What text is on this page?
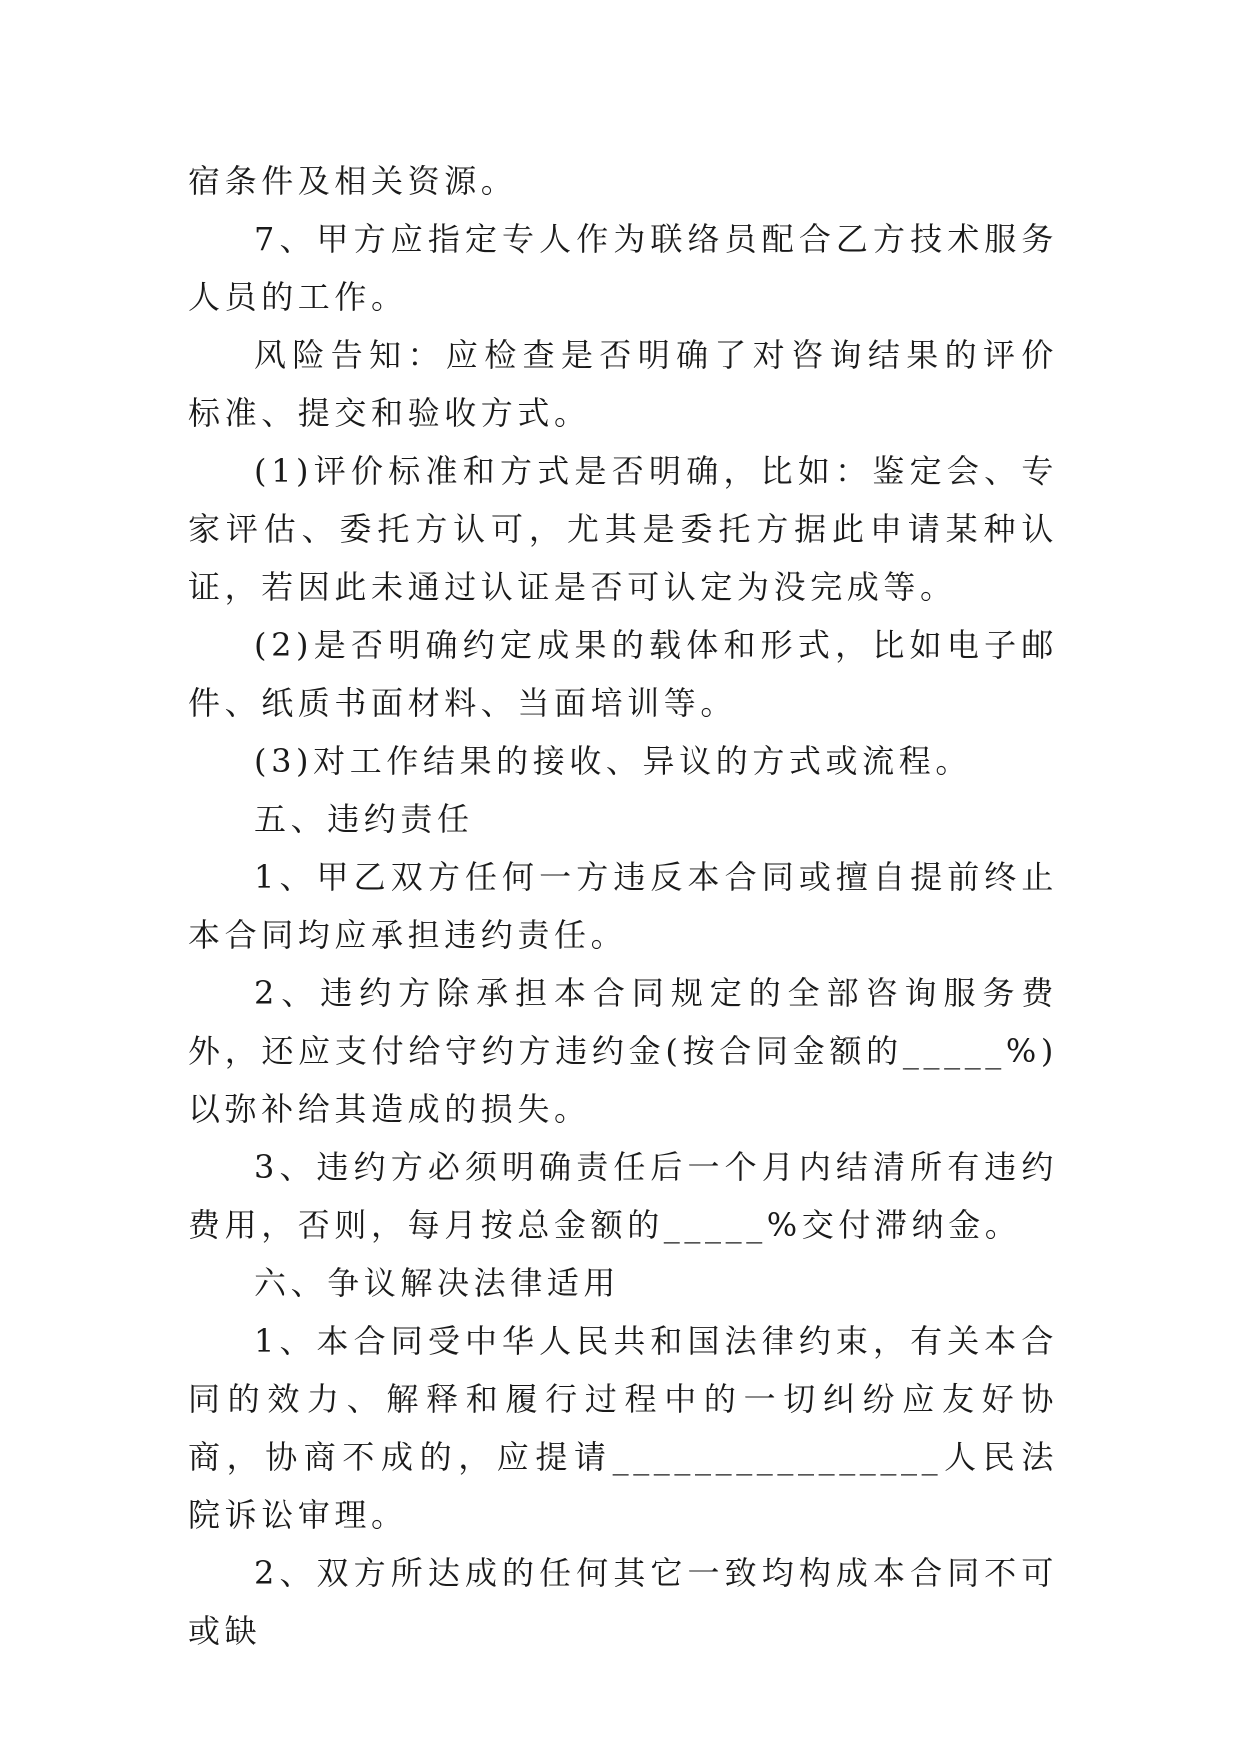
宿条件及相关资源。

7、甲方应指定专人作为联络员配合乙方技术服务人员的工作。

风险告知：应检查是否明确了对咨询结果的评价标准、提交和验收方式。

(1)评价标准和方式是否明确，比如：鉴定会、专家评估、委托方认可，尤其是委托方据此申请某种认证，若因此未通过认证是否可认定为没完成等。

(2)是否明确约定成果的载体和形式，比如电子邮件、纸质书面材料、当面培训等。

(3)对工作结果的接收、异议的方式或流程。

五、违约责任

1、甲乙双方任何一方违反本合同或擅自提前终止本合同均应承担违约责任。

2、违约方除承担本合同规定的全部咨询服务费外，还应支付给守约方违约金(按合同金额的_____%)以弥补给其造成的损失。

3、违约方必须明确责任后一个月内结清所有违约费用，否则，每月按总金额的_____%交付滞纳金。

六、争议解决法律适用

1、本合同受中华人民共和国法律约束，有关本合同的效力、解释和履行过程中的一切纠纷应友好协商，协商不成的，应提请________________人民法院诉讼审理。

2、双方所达成的任何其它一致均构成本合同不可或缺
